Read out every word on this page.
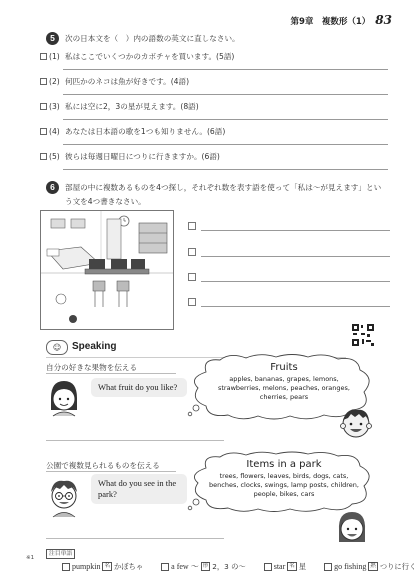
第9章　複数形（1） 83
5	次の日本文を（　）内の語数の英文に直しなさい。
(1) 私はここでいくつかのカボチャを買います。(5語)
(2) 何匹かのネコは魚が好きです。(4語)
(3) 私には空に2，3の星が見えます。(8語)
(4) あなたは日本語の歌を1つも知りません。(6語)
(5) 彼らは毎週日曜日につりに行きますか。(6語)
6	部屋の中に複数あるものを4つ探し，それぞれ数を表す語を使って「私は～が見えます」とい
う文を4つ書きなさい。
☺	Speaking
自分の好きな果物を伝える
What fruit do you like?
Fruits
apples, bananas, grapes, lemons,
strawberries, melons, peaches, oranges,
cherries, pears
公園で複数見られるものを伝える
What do you see in the
park?
Items in a park
trees, flowers, leaves, birds, dogs, cats,
benches, clocks, swings, lamp posts, children,
people, bikes, cars
※1
注目単語
pumpkin 名 かぼちゃ	a few ～ 形 2，3 の～	star 名 星	go fishing 熟 つりに行く
